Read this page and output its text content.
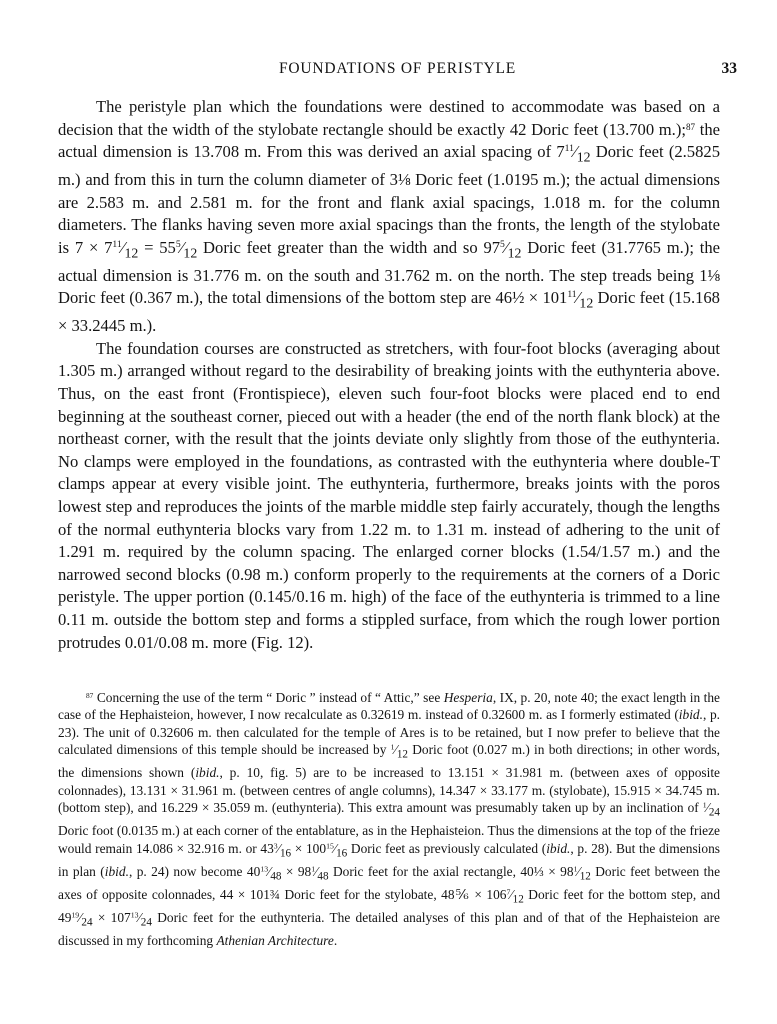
FOUNDATIONS OF PERISTYLE	33

The peristyle plan which the foundations were destined to accommodate was based on a decision that the width of the stylobate rectangle should be exactly 42 Doric feet (13.700 m.);$^{87}$ the actual dimension is 13.708 m. From this was derived an axial spacing of $7^{11}⁄_{12}$ Doric feet (2.5825 m.) and from this in turn the column diameter of 3⅛ Doric feet (1.0195 m.); the actual dimensions are 2.583 m. and 2.581 m. for the front and flank axial spacings, 1.018 m. for the column diameters. The flanks having seven more axial spacings than the fronts, the length of the stylobate is $7 \times 7^{11}⁄_{12}$ = $55^5⁄_{12}$ Doric feet greater than the width and so $97^5⁄_{12}$ Doric feet (31.7765 m.); the actual dimension is 31.776 m. on the south and 31.762 m. on the north. The step treads being 1⅛ Doric feet (0.367 m.), the total dimensions of the bottom step are 46½ × $101^{11}⁄_{12}$ Doric feet (15.168 × 33.2445 m.).

The foundation courses are constructed as stretchers, with four-foot blocks (averaging about 1.305 m.) arranged without regard to the desirability of breaking joints with the euthynteria above. Thus, on the east front (Frontispiece), eleven such four-foot blocks were placed end to end beginning at the southeast corner, pieced out with a header (the end of the north flank block) at the northeast corner, with the result that the joints deviate only slightly from those of the euthynteria. No clamps were employed in the foundations, as contrasted with the euthynteria where double-T clamps appear at every visible joint. The euthynteria, furthermore, breaks joints with the poros lowest step and reproduces the joints of the marble middle step fairly accurately, though the lengths of the normal euthynteria blocks vary from 1.22 m. to 1.31 m. instead of adhering to the unit of 1.291 m. required by the column spacing. The enlarged corner blocks (1.54/1.57 m.) and the narrowed second blocks (0.98 m.) conform properly to the requirements at the corners of a Doric peristyle. The upper portion (0.145/0.16 m. high) of the face of the euthynteria is trimmed to a line 0.11 m. outside the bottom step and forms a stippled surface, from which the rough lower portion protrudes 0.01/0.08 m. more (Fig. 12).

$^{87}$ Concerning the use of the term “ Doric ” instead of “ Attic,” see Hesperia, IX, p. 20, note 40; the exact length in the case of the Hephaisteion, however, I now recalculate as 0.32619 m. instead of 0.32600 m. as I formerly estimated (ibid., p. 23). The unit of 0.32606 m. then calculated for the temple of Ares is to be retained, but I now prefer to believe that the calculated dimensions of this temple should be increased by $^1⁄_{12}$ Doric foot (0.027 m.) in both directions; in other words, the dimensions shown (ibid., p. 10, fig. 5) are to be increased to 13.151 × 31.981 m. (between axes of opposite colonnades), 13.131 × 31.961 m. (between centres of angle columns), 14.347 × 33.177 m. (stylobate), 15.915 × 34.745 m. (bottom step), and 16.229 × 35.059 m. (euthynteria). This extra amount was presumably taken up by an inclination of $^1⁄_{24}$ Doric foot (0.0135 m.) at each corner of the entablature, as in the Hephaisteion. Thus the dimensions at the top of the frieze would remain 14.086 × 32.916 m. or $43^3⁄_{16}$ × $100^{15}⁄_{16}$ Doric feet as previously calculated (ibid., p. 28). But the dimensions in plan (ibid., p. 24) now become $40^{13}⁄_{48}$ × $98^1⁄_{48}$ Doric feet for the axial rectangle, 40⅓ × $98^1⁄_{12}$ Doric feet between the axes of opposite colonnades, 44 × 101¾ Doric feet for the stylobate, 48⅚ × $106^7⁄_{12}$ Doric feet for the bottom step, and $49^{19}⁄_{24}$ × $107^{13}⁄_{24}$ Doric feet for the euthynteria. The detailed analyses of this plan and of that of the Hephaisteion are discussed in my forthcoming Athenian Architecture.
